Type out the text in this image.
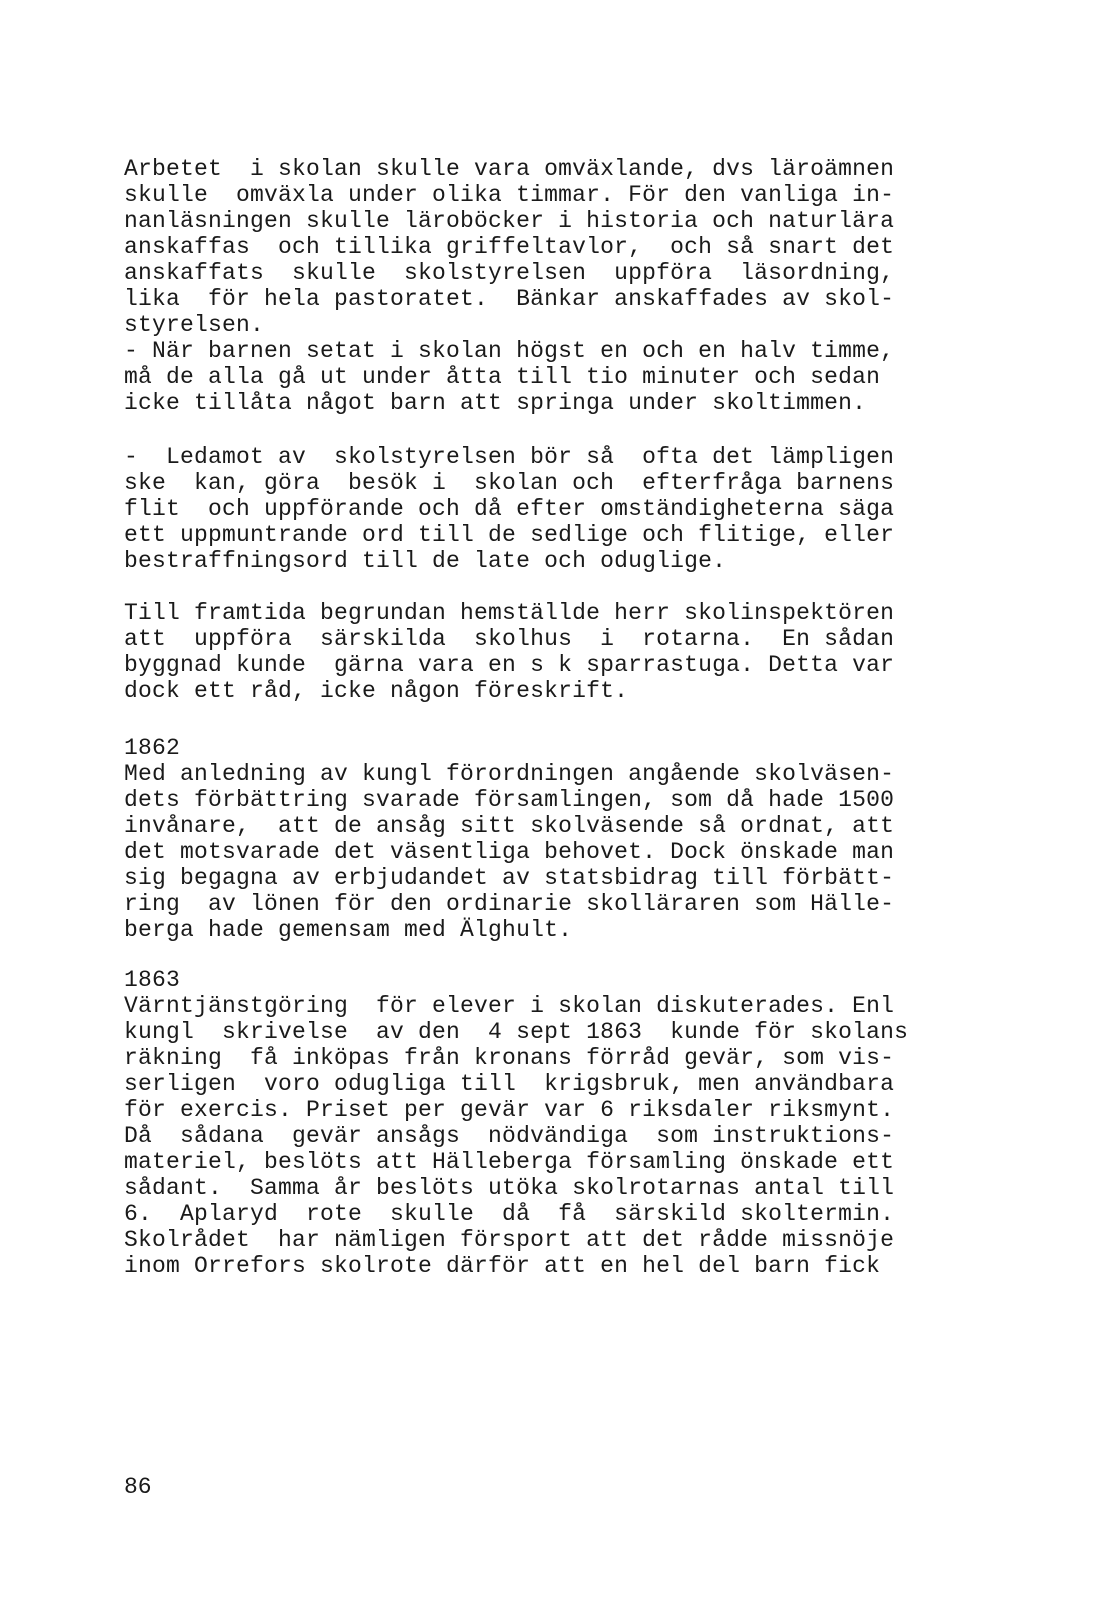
Arbetet  i skolan skulle vara omväxlande, dvs läroämnen
skulle  omväxla under olika timmar. För den vanliga in-
nanläsningen skulle läroböcker i historia och naturlära
anskaffas  och tillika griffeltavlor,  och så snart det
anskaffats  skulle  skolstyrelsen  uppföra  läsordning,
lika  för hela pastoratet.  Bänkar anskaffades av skol-
styrelsen.
- När barnen setat i skolan högst en och en halv timme,
må de alla gå ut under åtta till tio minuter och sedan
icke tillåta något barn att springa under skoltimmen.
-  Ledamot av  skolstyrelsen bör så  ofta det lämpligen
ske  kan, göra  besök i  skolan och  efterfråga barnens
flit  och uppförande och då efter omständigheterna säga
ett uppmuntrande ord till de sedlige och flitige, eller
bestraffningsord till de late och oduglige.
Till framtida begrundan hemställde herr skolinspektören
att  uppföra  särskilda  skolhus  i  rotarna.  En sådan
byggnad kunde  gärna vara en s k sparrastuga. Detta var
dock ett råd, icke någon föreskrift.
1862
Med anledning av kungl förordningen angående skolväsen-
dets förbättring svarade församlingen, som då hade 1500
invånare,  att de ansåg sitt skolväsende så ordnat, att
det motsvarade det väsentliga behovet. Dock önskade man
sig begagna av erbjudandet av statsbidrag till förbätt-
ring  av lönen för den ordinarie skolläraren som Hälle-
berga hade gemensam med Älghult.
1863
Värntjänstgöring  för elever i skolan diskuterades. Enl
kungl  skrivelse  av den  4 sept 1863  kunde för skolans
räkning  få inköpas från kronans förråd gevär, som vis-
serligen  voro odugliga till  krigsbruk, men användbara
för exercis. Priset per gevär var 6 riksdaler riksmynt.
Då  sådana  gevär ansågs  nödvändiga  som instruktions-
materiel, beslöts att Hälleberga församling önskade ett
sådant.  Samma år beslöts utöka skolrotarnas antal till
6.  Aplaryd  rote  skulle  då  få  särskild skoltermin.
Skolrådet  har nämligen försport att det rådde missnöje
inom Orrefors skolrote därför att en hel del barn fick
86
